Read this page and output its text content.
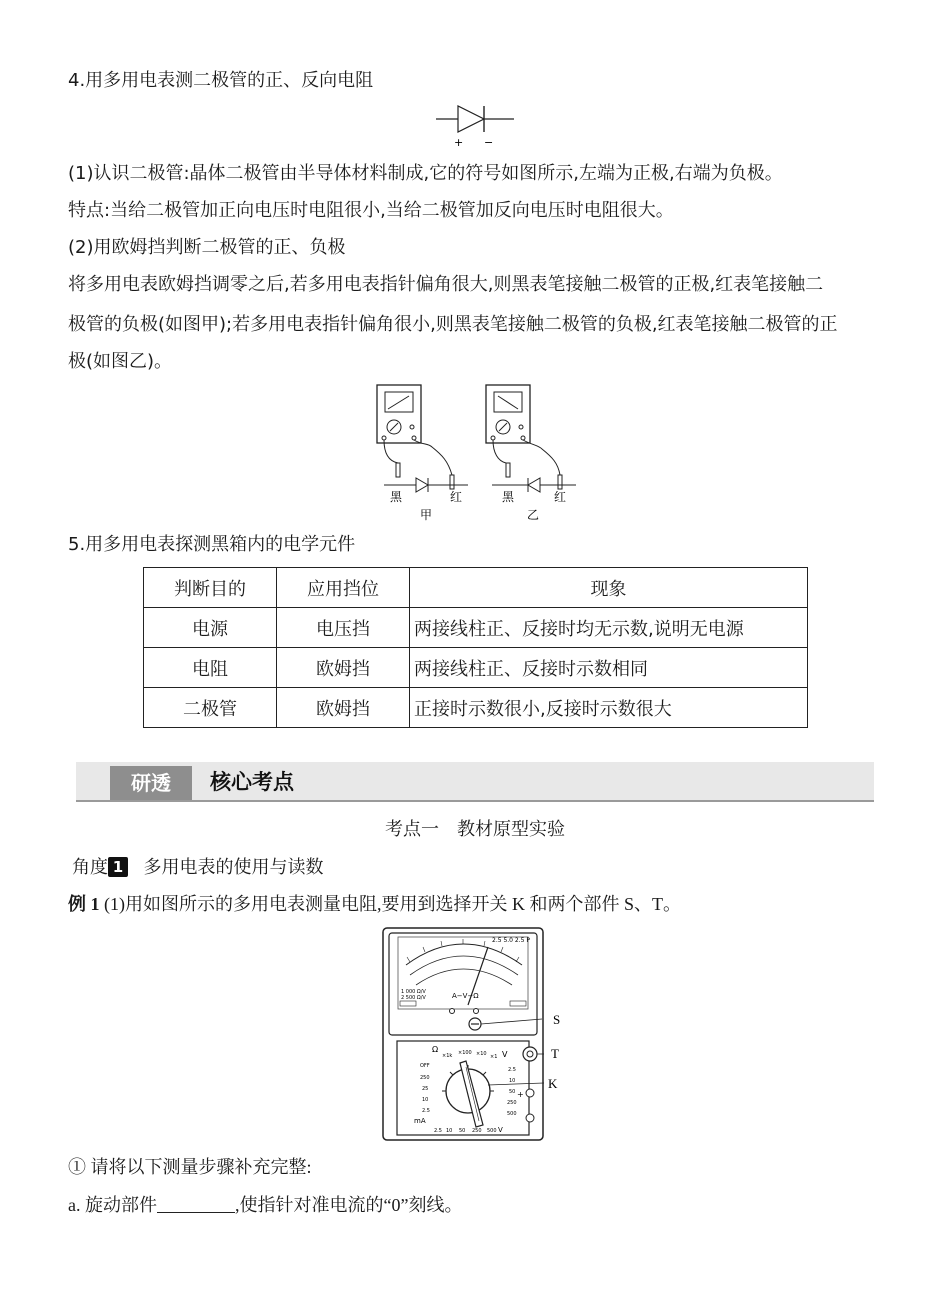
4.用多用电表测二极管的正、反向电阻
+ −
(1)认识二极管:晶体二极管由半导体材料制成,它的符号如图所示,左端为正极,右端为负极。
特点:当给二极管加正向电压时电阻很小,当给二极管加反向电压时电阻很大。
(2)用欧姆挡判断二极管的正、负极
将多用电表欧姆挡调零之后,若多用电表指针偏角很大,则黑表笔接触二极管的正极,红表笔接触二
极管的负极(如图甲);若多用电表指针偏角很小,则黑表笔接触二极管的负极,红表笔接触二极管的正
极(如图乙)。
黑	红
甲
黑	红
乙
5.用多用电表探测黑箱内的电学元件
判断目的	应用挡位	现象
电源	电压挡	两接线柱正、反接时均无示数,说明无电源
电阻	欧姆挡	两接线柱正、反接时示数相同
二极管	欧姆挡	正接时示数很小,反接时示数很大
研透	核心考点
考点一　教材原型实验
角度 1 多用电表的使用与读数
例 1 (1)用如图所示的多用电表测量电阻,要用到选择开关 K 和两个部件 S、T。
A−V−Ω
2.5 5.0 2.5 P
1 000 Ω/V
2 500 Ω/V
Ω
×1k ×100 ×10 ×1 V
OFF
250
25
10
2.5
2.5
10
50
250
500
mA
2.5 10 50 250 500 V
+
S
T
K
① 请将以下测量步骤补充完整:
a. 旋动部件	,使指针对准电流的“0”刻线。
